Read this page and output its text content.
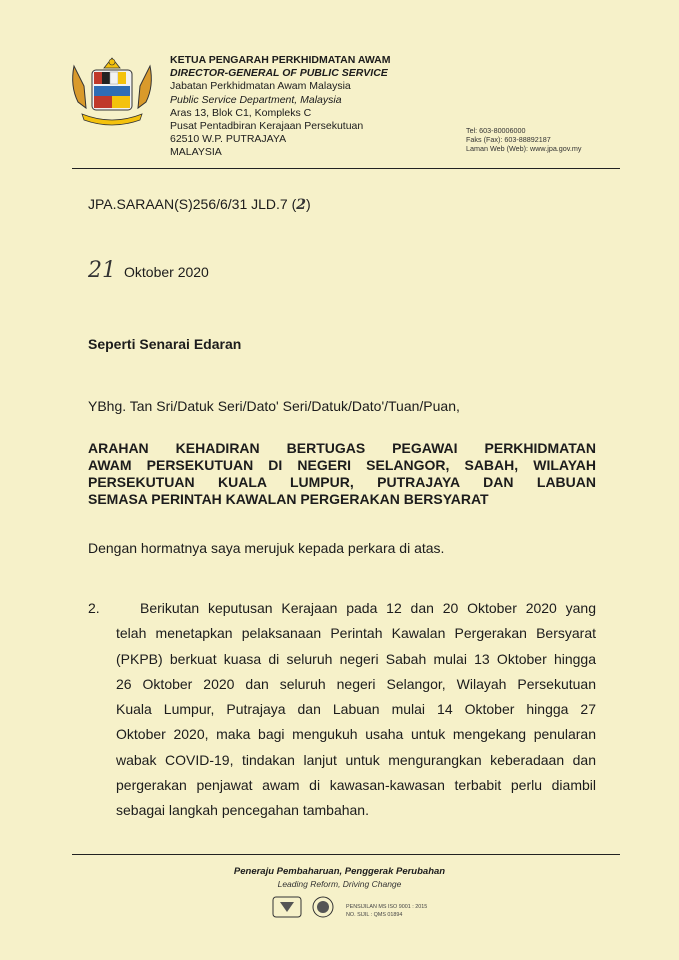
KETUA PENGARAH PERKHIDMATAN AWAM
DIRECTOR-GENERAL OF PUBLIC SERVICE
Jabatan Perkhidmatan Awam Malaysia
Public Service Department, Malaysia
Aras 13, Blok C1, Kompleks C
Pusat Pentadbiran Kerajaan Persekutuan
62510 W.P. PUTRAJAYA
MALAYSIA
Tel: 603-80006000
Faks (Fax): 603-88892187
Laman Web (Web): www.jpa.gov.my
JPA.SARAAN(S)256/6/31 JLD.7 (2)
21 Oktober 2020
Seperti Senarai Edaran
YBhg. Tan Sri/Datuk Seri/Dato' Seri/Datuk/Dato'/Tuan/Puan,
ARAHAN KEHADIRAN BERTUGAS PEGAWAI PERKHIDMATAN
AWAM PERSEKUTUAN DI NEGERI SELANGOR, SABAH, WILAYAH
PERSEKUTUAN KUALA LUMPUR, PUTRAJAYA DAN LABUAN
SEMASA PERINTAH KAWALAN PERGERAKAN BERSYARAT
Dengan hormatnya saya merujuk kepada perkara di atas.
2.	Berikutan keputusan Kerajaan pada 12 dan 20 Oktober 2020 yang
telah menetapkan pelaksanaan Perintah Kawalan Pergerakan Bersyarat
(PKPB) berkuat kuasa di seluruh negeri Sabah mulai 13 Oktober hingga
26 Oktober 2020 dan seluruh negeri Selangor, Wilayah Persekutuan
Kuala Lumpur, Putrajaya dan Labuan mulai 14 Oktober hingga 27
Oktober 2020, maka bagi mengukuh usaha untuk mengekang penularan
wabak COVID-19, tindakan lanjut untuk mengurangkan keberadaan dan
pergerakan penjawat awam di kawasan-kawasan terbabit perlu diambil
sebagai langkah pencegahan tambahan.
Peneraju Pembaharuan, Penggerak Perubahan
Leading Reform, Driving Change
PENSIJILAN MS ISO 9001 : 2015
NO. SIJIL : QMS 01894
